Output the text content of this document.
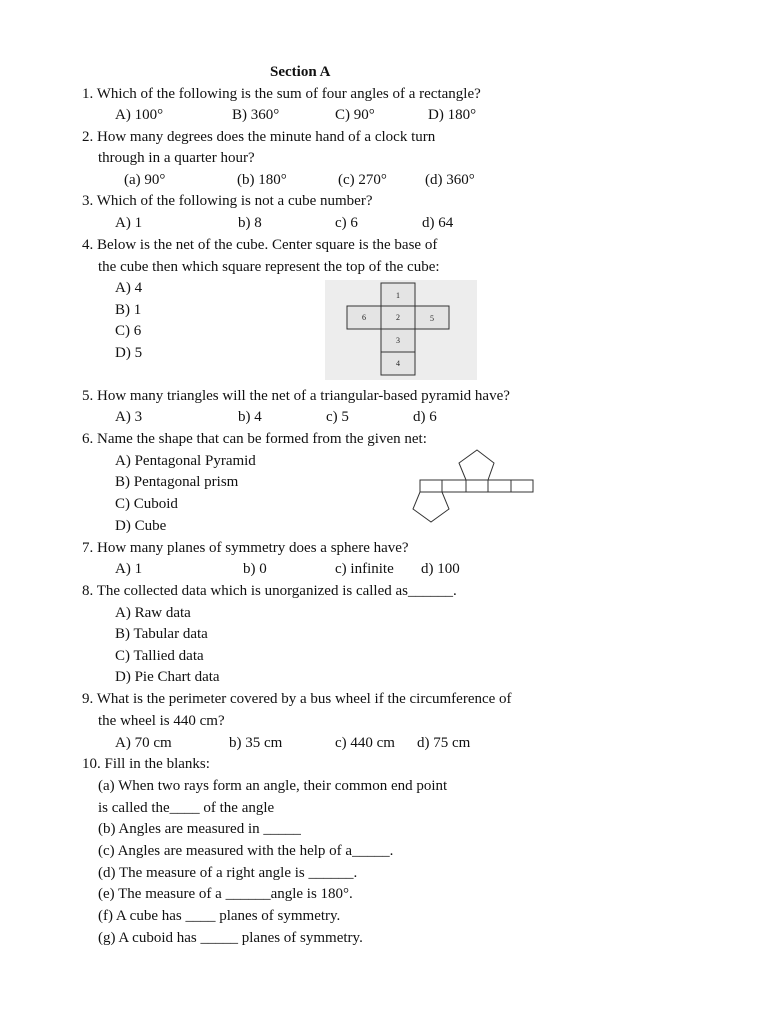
Section A
1. Which of the following is the sum of four angles of a rectangle?
A) 100°	B) 360°	C) 90°	D) 180°
2. How many degrees does the minute hand of a clock turn
through in a quarter hour?
(a) 90°	(b) 180°	(c) 270°	(d) 360°
3. Which of the following is not a cube number?
A) 1	b) 8	c) 6	d) 64
4. Below is the net of the cube. Center square is the base of
the cube then which square represent the top of the cube:
A) 4
B) 1
C) 6
D) 5
1
6	2	5
3
4
5. How many triangles will the net of a triangular-based pyramid have?
A) 3	b) 4	c) 5	d) 6
6. Name the shape that can be formed from the given net:
A) Pentagonal Pyramid
B) Pentagonal prism
C) Cuboid
D) Cube
7. How many planes of symmetry does a sphere have?
A) 1	b) 0	c) infinite d) 100
8. The collected data which is unorganized is called as______.
A) Raw data
B) Tabular data
C) Tallied data
D) Pie Chart data
9. What is the perimeter covered by a bus wheel if the circumference of
the wheel is 440 cm?
A) 70 cm	b) 35 cm	c) 440 cm d) 75 cm
10. Fill in the blanks:
(a) When two rays form an angle, their common end point
is called the____ of the angle
(b) Angles are measured in _____
(c) Angles are measured with the help of a_____.
(d) The measure of a right angle is ______.
(e) The measure of a ______angle is 180°.
(f) A cube has ____ planes of symmetry.
(g) A cuboid has _____ planes of symmetry.
